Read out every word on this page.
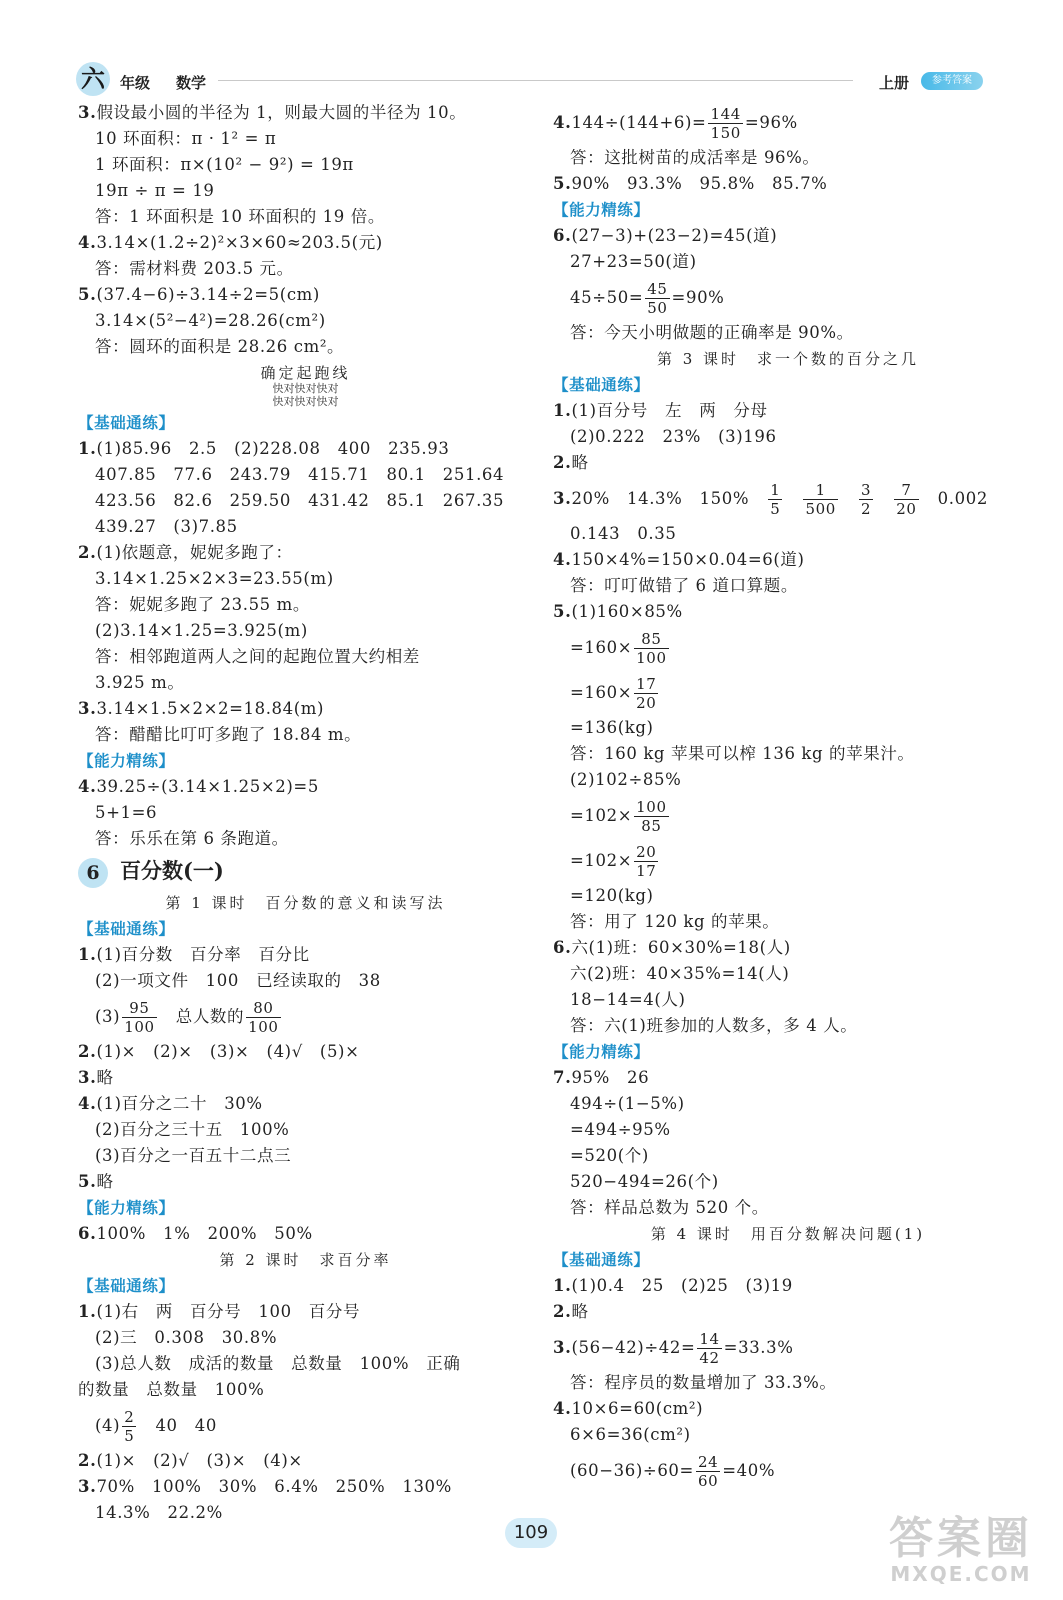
六	年级 数学	上册	参考答案
3.假设最小圆的半径为 1，则最大圆的半径为 10。
10 环面积：π · 1² = π
1 环面积：π×(10² − 9²) = 19π
19π ÷ π = 19
答：1 环面积是 10 环面积的 19 倍。
4.3.14×(1.2÷2)²×3×60≈203.5(元)
答：需材料费 203.5 元。
5.(37.4−6)÷3.14÷2=5(cm)
3.14×(5²−4²)=28.26(cm²)
答：圆环的面积是 28.26 cm²。
确定起跑线
快对快对快对
快对快对快对
【基础通练】
1.(1)85.96　2.5　(2)228.08　400　235.93
407.85　77.6　243.79　415.71　80.1　251.64
423.56　82.6　259.50　431.42　85.1　267.35
439.27　(3)7.85
2.(1)依题意，妮妮多跑了：
3.14×1.25×2×3=23.55(m)
答：妮妮多跑了 23.55 m。
(2)3.14×1.25=3.925(m)
答：相邻跑道两人之间的起跑位置大约相差
3.925 m。
3.3.14×1.5×2×2=18.84(m)
答：醋醋比叮叮多跑了 18.84 m。
【能力精练】
4.39.25÷(3.14×1.25×2)=5
5+1=6
答：乐乐在第 6 条跑道。
6 百分数(一)
第 1 课时　百分数的意义和读写法
【基础通练】
1.(1)百分数　百分率　百分比
(2)一项文件　100　已经读取的　38
$(3) \frac{95}{100}$ 　总人数的 $\frac{80}{100}$
2.(1)×　(2)×　(3)×　(4)√　(5)×
3.略
4.(1)百分之二十　30%
(2)百分之三十五　100%
(3)百分之一百五十二点三
5.略
【能力精练】
6.100%　1%　200%　50%
第 2 课时　求百分率
【基础通练】
1.(1)右　两　百分号　100　百分号
(2)三　0.308　30.8%
(3)总人数　成活的数量　总数量　100%　正确
的数量　总数量　100%
$(4) \frac{2}{5}$ 　40　40
2.(1)×　(2)√　(3)×　(4)×
3.70%　100%　30%　6.4%　250%　130%
14.3%　22.2%
$4.144\div(144+6)= \frac{144}{150} =96\%$
答：这批树苗的成活率是 96%。
5.90%　93.3%　95.8%　85.7%
【能力精练】
6.(27−3)+(23−2)=45(道)
27+23=50(道)
$45\div 50= \frac{45}{50} =90\%$
答：今天小明做题的正确率是 90%。
第 3 课时　求一个数的百分之几
【基础通练】
1.(1)百分号　左　两　分母
(2)0.222　23%　(3)196
2.略
3.20%　14.3%　150%　 $\frac{1}{5}$
　 $\frac{1}{500}$
　 $\frac{3}{2}$
　 $\frac{7}{20}$ 　0.002
0.143　0.35
4.150×4%=150×0.04=6(道)
答：叮叮做错了 6 道口算题。
5.(1)160×85%
$=160\times \frac{85}{100}$
$=160\times \frac{17}{20}$
=136(kg)
答：160 kg 苹果可以榨 136 kg 的苹果汁。
(2)102÷85%
$=102\times \frac{100}{85}$
$=102\times \frac{20}{17}$
=120(kg)
答：用了 120 kg 的苹果。
6.六(1)班：60×30%=18(人)
六(2)班：40×35%=14(人)
18−14=4(人)
答：六(1)班参加的人数多，多 4 人。
【能力精练】
7.95%　26
494÷(1−5%)
=494÷95%
=520(个)
520−494=26(个)
答：样品总数为 520 个。
第 4 课时　用百分数解决问题(1)
【基础通练】
1.(1)0.4　25　(2)25　(3)19
2.略
$3.(56-42)\div 42= \frac{14}{42} =33.3\%$
答：程序员的数量增加了 33.3%。
4.10×6=60(cm²)
6×6=36(cm²)
$(60-36)\div 60= \frac{24}{60} =40\%$
109	答案圈
MXQE.COM
